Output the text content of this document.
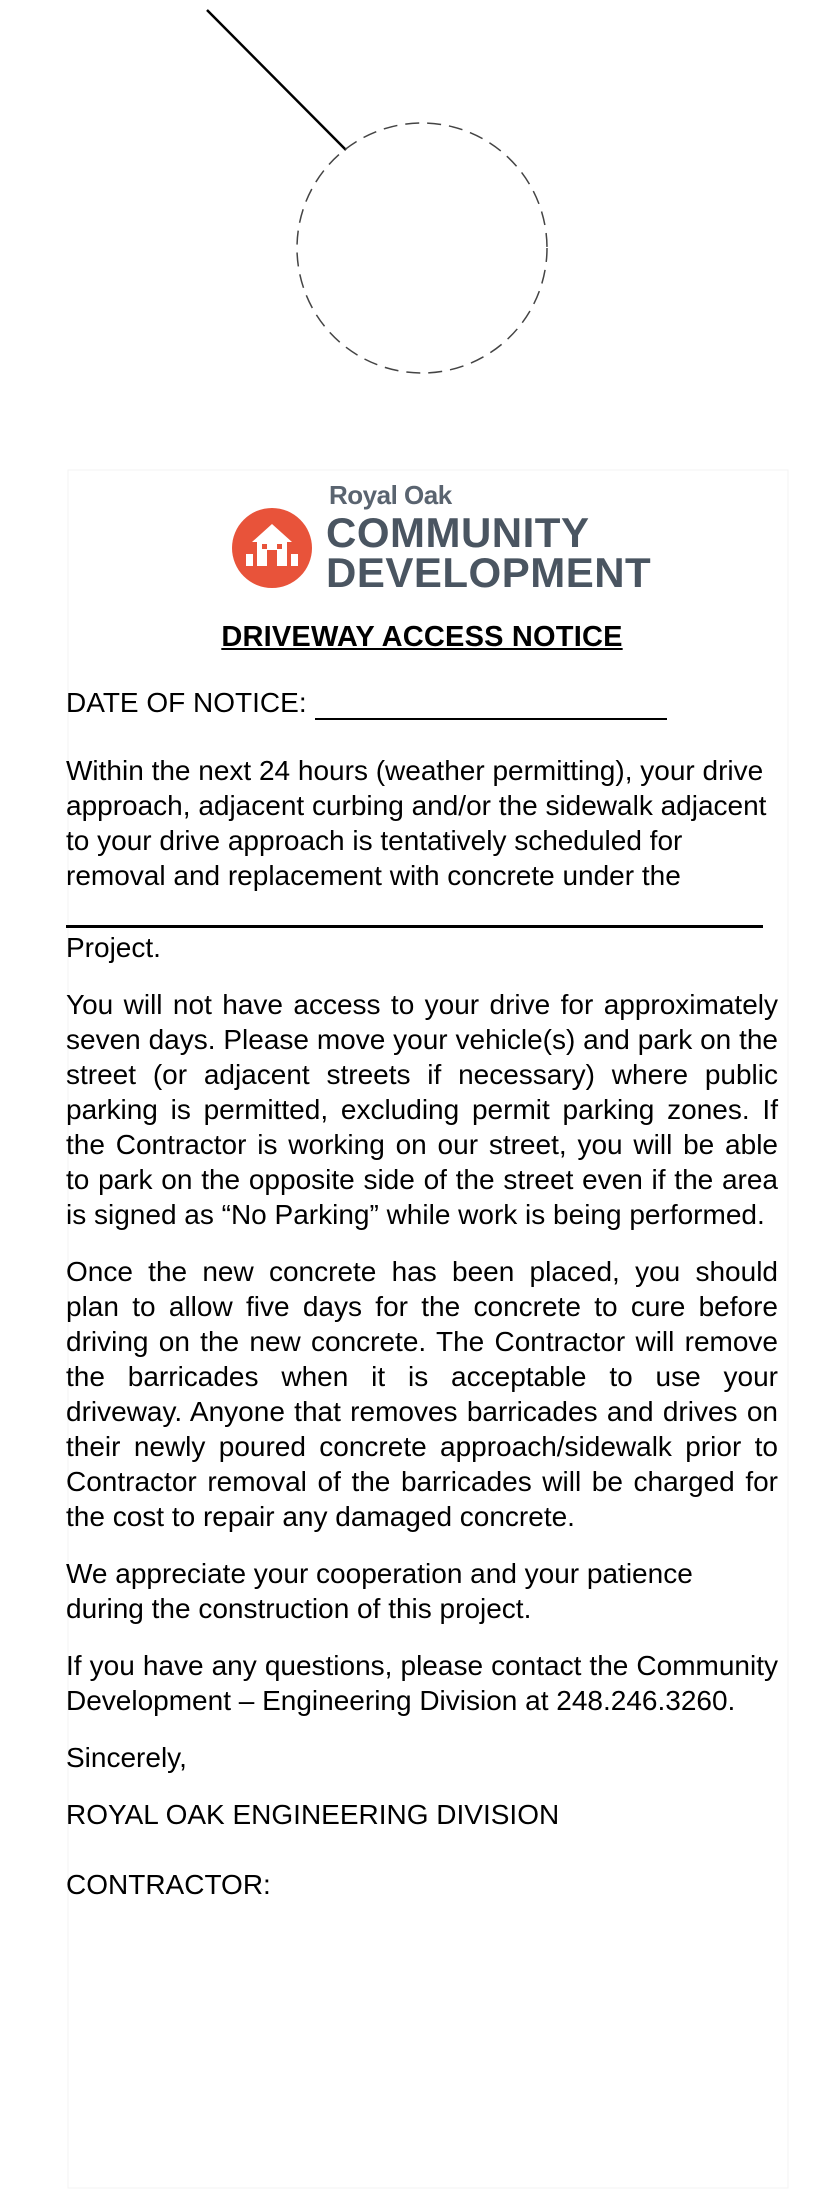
Royal Oak
COMMUNITY
DEVELOPMENT
DRIVEWAY ACCESS NOTICE
DATE OF NOTICE:

Within the next 24 hours (weather permitting), your drive approach, adjacent curbing and/or the sidewalk adjacent to your drive approach is tentatively scheduled for removal and replacement with concrete under the

Project.

You will not have access to your drive for approximately seven days. Please move your vehicle(s) and park on the street (or adjacent streets if necessary) where public parking is permitted, excluding permit parking zones. If the Contractor is working on our street, you will be able to park on the opposite side of the street even if the area is signed as “No Parking” while work is being performed.

Once the new concrete has been placed, you should plan to allow five days for the concrete to cure before driving on the new concrete. The Contractor will remove the barricades when it is acceptable to use your driveway. Anyone that removes barricades and drives on their newly poured concrete approach/sidewalk prior to Contractor removal of the barricades will be charged for the cost to repair any damaged concrete.

We appreciate your cooperation and your patience during the construction of this project.

If you have any questions, please contact the Community Development – Engineering Division at 248.246.3260.

Sincerely,

ROYAL OAK ENGINEERING DIVISION

CONTRACTOR:
